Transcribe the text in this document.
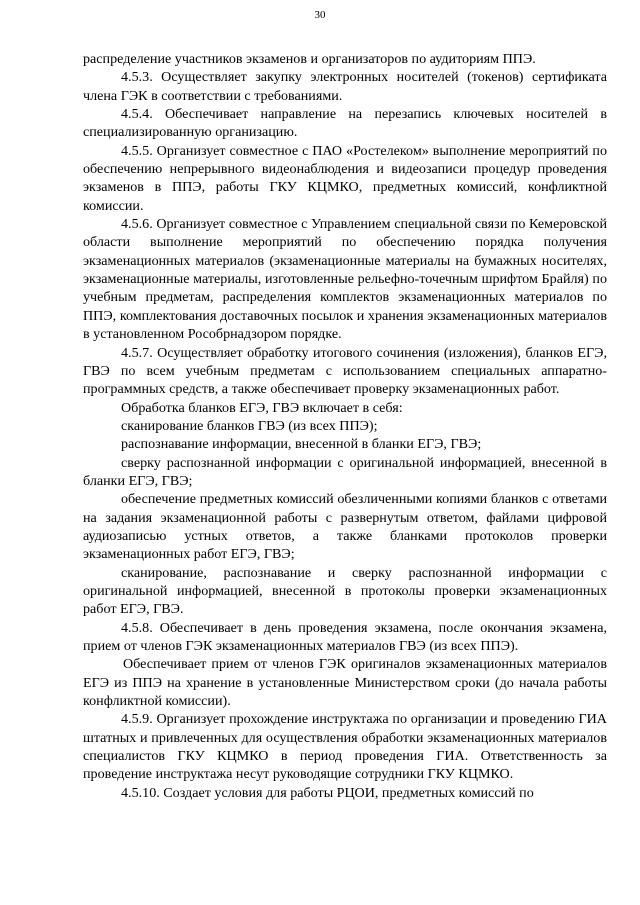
30

распределение участников экзаменов и организаторов по аудиториям ППЭ.

4.5.3. Осуществляет закупку электронных носителей (токенов) сертификата члена ГЭК в соответствии с требованиями.

4.5.4. Обеспечивает направление на перезапись ключевых носителей в специализированную организацию.

4.5.5. Организует совместное с ПАО «Ростелеком» выполнение мероприятий по обеспечению непрерывного видеонаблюдения и видеозаписи процедур проведения экзаменов в ППЭ, работы ГКУ КЦМКО, предметных комиссий, конфликтной комиссии.

4.5.6. Организует совместное с Управлением специальной связи по Кемеровской области выполнение мероприятий по обеспечению порядка получения экзаменационных материалов (экзаменационные материалы на бумажных носителях, экзаменационные материалы, изготовленные рельефно-точечным шрифтом Брайля) по учебным предметам, распределения комплектов экзаменационных материалов по ППЭ, комплектования доставочных посылок и хранения экзаменационных материалов в установленном Рособрнадзором порядке.

4.5.7. Осуществляет обработку итогового сочинения (изложения), бланков ЕГЭ, ГВЭ по всем учебным предметам с использованием специальных аппаратно-программных средств, а также обеспечивает проверку экзаменационных работ.

Обработка бланков ЕГЭ, ГВЭ включает в себя:

сканирование бланков ГВЭ (из всех ППЭ);

распознавание информации, внесенной в бланки ЕГЭ, ГВЭ;

сверку распознанной информации с оригинальной информацией, внесенной в бланки ЕГЭ, ГВЭ;

обеспечение предметных комиссий обезличенными копиями бланков с ответами на задания экзаменационной работы с развернутым ответом, файлами цифровой аудиозаписью устных ответов, а также бланками протоколов проверки экзаменационных работ ЕГЭ, ГВЭ;

сканирование, распознавание и сверку распознанной информации с оригинальной информацией, внесенной в протоколы проверки экзаменационных работ ЕГЭ, ГВЭ.

4.5.8. Обеспечивает в день проведения экзамена, после окончания экзамена, прием от членов ГЭК экзаменационных материалов ГВЭ (из всех ППЭ).

Обеспечивает прием от членов ГЭК оригиналов экзаменационных материалов ЕГЭ из ППЭ на хранение в установленные Министерством сроки (до начала работы конфликтной комиссии).

4.5.9. Организует прохождение инструктажа по организации и проведению ГИА штатных и привлеченных для осуществления обработки экзаменационных материалов специалистов ГКУ КЦМКО в период проведения ГИА. Ответственность за проведение инструктажа несут руководящие сотрудники ГКУ КЦМКО.

4.5.10. Создает условия для работы РЦОИ, предметных комиссий по
